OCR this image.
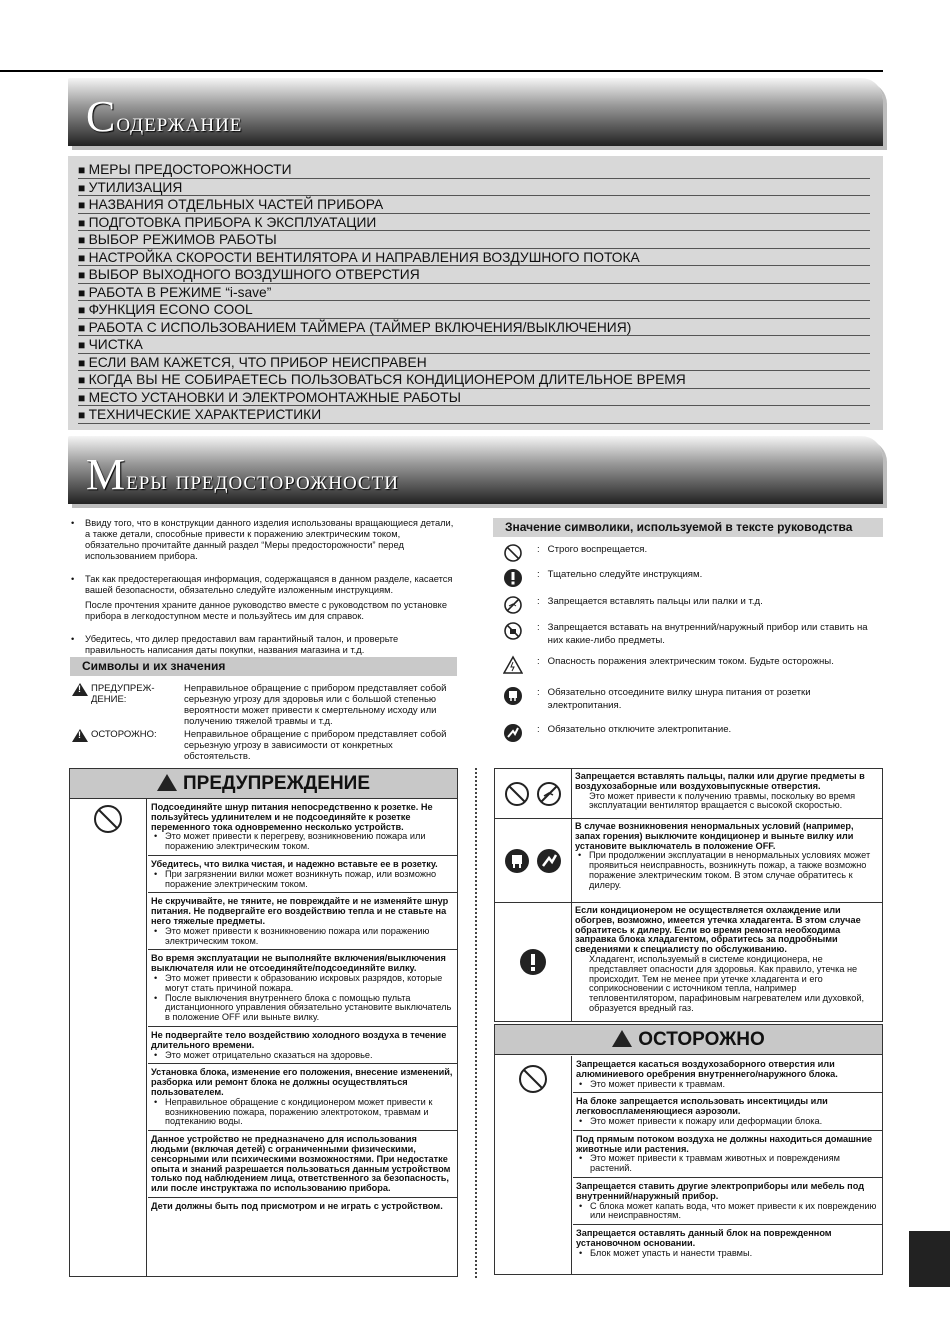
Содержание
■ МЕРЫ ПРЕДОСТОРОЖНОСТИ
■ УТИЛИЗАЦИЯ
■ НАЗВАНИЯ ОТДЕЛЬНЫХ ЧАСТЕЙ ПРИБОРА
■ ПОДГОТОВКА ПРИБОРА К ЭКСПЛУАТАЦИИ
■ ВЫБОР РЕЖИМОВ РАБОТЫ
■ НАСТРОЙКА СКОРОСТИ ВЕНТИЛЯТОРА И НАПРАВЛЕНИЯ ВОЗДУШНОГО ПОТОКА
■ ВЫБОР ВЫХОДНОГО ВОЗДУШНОГО ОТВЕРСТИЯ
■ РАБОТА В РЕЖИМЕ “i-save”
■ ФУНКЦИЯ ECONO COOL
■ РАБОТА С ИСПОЛЬЗОВАНИЕМ ТАЙМЕРА (ТАЙМЕР ВКЛЮЧЕНИЯ/ВЫКЛЮЧЕНИЯ)
■ ЧИСТКА
■ ЕСЛИ ВАМ КАЖЕТСЯ, ЧТО ПРИБОР НЕИСПРАВЕН
■ КОГДА ВЫ НЕ СОБИРАЕТЕСЬ ПОЛЬЗОВАТЬСЯ КОНДИЦИОНЕРОМ ДЛИТЕЛЬНОЕ ВРЕМЯ
■ МЕСТО УСТАНОВКИ И ЭЛЕКТРОМОНТАЖНЫЕ РАБОТЫ
■ ТЕХНИЧЕСКИЕ ХАРАКТЕРИСТИКИ
Меры предосторожности

• Ввиду того, что в конструкции данного изделия использованы вращающиеся детали, а также детали, способные привести к поражению электрическим током, обязательно прочитайте данный раздел “Меры предосторожности” перед использованием прибора.

• Так как предостерегающая информация, содержащаяся в данном разделе, касается вашей безопасности, обязательно следуйте изложенным инструкциям.

После прочтения храните данное руководство вместе с руководством по установке прибора в легкодоступном месте и пользуйтесь им для справок.

• Убедитесь, что дилер предоставил вам гарантийный талон, и проверьте правильность написания даты покупки, названия магазина и т.д.

Символы и их значения
!
ПРЕДУПРЕЖ-ДЕНИЕ:
Неправильное обращение с прибором представляет собой серьезную угрозу для здоровья или с большой степенью вероятности может привести к смертельному исходу или получению тяжелой травмы и т.д.
!
ОСТОРОЖНО:	Неправильное обращение с прибором представляет собой серьезную угрозу в зависимости от конкретных обстоятельств.
Значение символики, используемой в тексте руководства
: Строго воспрещается.
: Тщательно следуйте инструкциям.
: Запрещается вставлять пальцы или палки и т.д.
: Запрещается вставать на внутренний/наружный прибор или ставить на них какие-либо предметы.
: Опасность поражения электрическим током. Будьте осторожны.
: Обязательно отсоедините вилку шнура питания от розетки электропитания.
: Обязательно отключите электропитание.
ПРЕДУПРЕЖДЕНИЕ
Подсоединяйте шнур питания непосредственно к розетке. Не пользуйтесь удлинителем и не подсоединяйте к розетке переменного тока одновременно несколько устройств.
• Это может привести к перегреву, возникновению пожара или поражению электрическим током.
Убедитесь, что вилка чистая, и надежно вставьте ее в розетку.
• При загрязнении вилки может возникнуть пожар, или возможно поражение электрическим током.
Не скручивайте, не тяните, не повреждайте и не изменяйте шнур питания. Не подвергайте его воздействию тепла и не ставьте на него тяжелые предметы.
• Это может привести к возникновению пожара или поражению электрическим током.
Во время эксплуатации не выполняйте включения/выключения выключателя или не отсоединяйте/подсоединяйте вилку.
• Это может привести к образованию искровых разрядов, которые могут стать причиной пожара.
• После выключения внутреннего блока с помощью пульта дистанционного управления обязательно установите выключатель в положение OFF или выньте вилку.
Не подвергайте тело воздействию холодного воздуха в течение длительного времени.
• Это может отрицательно сказаться на здоровье.
Установка блока, изменение его положения, внесение изменений, разборка или ремонт блока не должны осуществляться пользователем.
• Неправильное обращение с кондиционером может привести к возникновению пожара, поражению электротоком, травмам и подтеканию воды.
Данное устройство не предназначено для использования людьми (включая детей) с ограниченными физическими, сенсорными или психическими возможностями. При недостатке опыта и знаний разрешается пользоваться данным устройством только под наблюдением лица, ответственного за безопасность, или после инструктажа по использованию прибора.
Дети должны быть под присмотром и не играть с устройством.
Запрещается вставлять пальцы, палки или другие предметы в воздухозаборные или воздуховыпускные отверстия.
Это может привести к получению травмы, поскольку во время эксплуатации вентилятор вращается с высокой скоростью.
В случае возникновения ненормальных условий (например, запах горения) выключите кондиционер и выньте вилку или установите выключатель в положение OFF.
• При продолжении эксплуатации в ненормальных условиях может проявиться неисправность, возникнуть пожар, а также возможно поражение электрическим током. В этом случае обратитесь к дилеру.
Если кондиционером не осуществляется охлаждение или обогрев, возможно, имеется утечка хладагента. В этом случае обратитесь к дилеру. Если во время ремонта необходима заправка блока хладагентом, обратитесь за подробными сведениями к специалисту по обслуживанию.
Хладагент, используемый в системе кондиционера, не представляет опасности для здоровья. Как правило, утечка не происходит. Тем не менее при утечке хладагента и его соприкосновении с источником тепла, например тепловентилятором, парафиновым нагревателем или духовкой, образуется вредный газ.
ОСТОРОЖНО
Запрещается касаться воздухозаборного отверстия или алюминиевого оребрения внутреннего/наружного блока.
• Это может привести к травмам.
На блоке запрещается использовать инсектициды или легковоспламеняющиеся аэрозоли.
• Это может привести к пожару или деформации блока.
Под прямым потоком воздуха не должны находиться домашние животные или растения.
• Это может привести к травмам животных и повреждениям растений.
Запрещается ставить другие электроприборы или мебель под внутренний/наружный прибор.
• С блока может капать вода, что может привести к их повреждению или неисправностям.
Запрещается оставлять данный блок на поврежденном установочном основании.
• Блок может упасть и нанести травмы.
